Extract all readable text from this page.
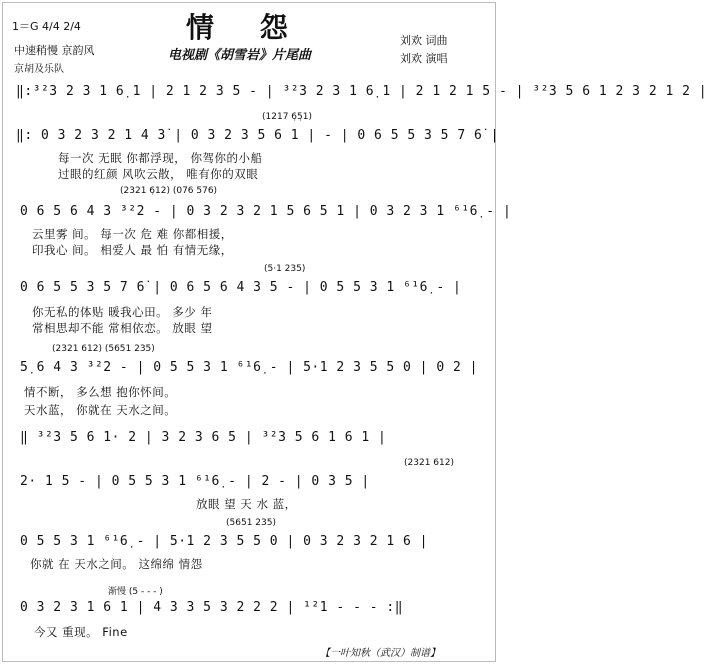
1＝G 4/4 2/4	情 怨
中速稍慢 京韵风	电视剧《胡雪岩》片尾曲
刘欢 词曲
刘欢 演唱
京胡及乐队
‖:³²3 2 3 1 6̣ 1 | 2 1 2 3 5 - | ³²3 2 3 1 6̣ 1 | 2 1 2 1 5 - | ³²3 5 6 1 2 3 2 1 2 |
(1217 6̣5̣1)
‖: 0 3 2 3 2 1 4 3̇ | 0 3 2 3 5 6 1 | - | 0 6 5 5 3 5 7 6̇ |
每一次 无眠 你都浮现， 你驾你的小船
过眼的红颜 风吹云散， 唯有你的双眼
(2321 6̣12) (076 576)
0 6 5 6 4 3 ³²2 - | 0 3 2 3 2 1 5 6 5 1 | 0 3 2 3 1 ⁶¹6̣ - |
云里雾 间。 每一次 危 难 你都相援，
印我心 间。 相爱人 最 怕 有情无缘，
(5·1 235)
0 6 5 5 3 5 7 6̇ | 0 6 5 6 4 3 5 - | 0 5 5 3 1 ⁶¹6̣ - |
你无私的体贴 暖我心田。 多少 年
常相思却不能 常相依恋。 放眼 望
(2321 612) (5651 235)
5̣ 6 4 3 ³²2 - | 0 5 5 3 1 ⁶¹6̣ - | 5·1 2 3 5 5 0 | 0 2 |
情不断， 多么想 抱你怀间。
天水蓝， 你就在 天水之间。
‖ ³²3 5 6 1· 2 | 3 2 3 6 5 | ³²3 5 6 1 6 1 |
(2321 612)
2· 1 5 - | 0 5 5 3 1 ⁶¹6̣ - | 2 - | 0 3 5 |
放眼 望 天 水 蓝，
(5651 235)
0 5 5 3 1 ⁶¹6̣ - | 5·1 2 3 5 5 0 | 0 3 2 3 2 1 6 |
你就 在 天水之间。 这绵绵 情怨
渐慢 (5 - - - )
0 3 2 3 1 6 1 | 4 3 3 5 3 2 2 2 | ¹²1 - - - :‖
今又 重现。 Fine
【一叶知秋（武汉）制谱】
